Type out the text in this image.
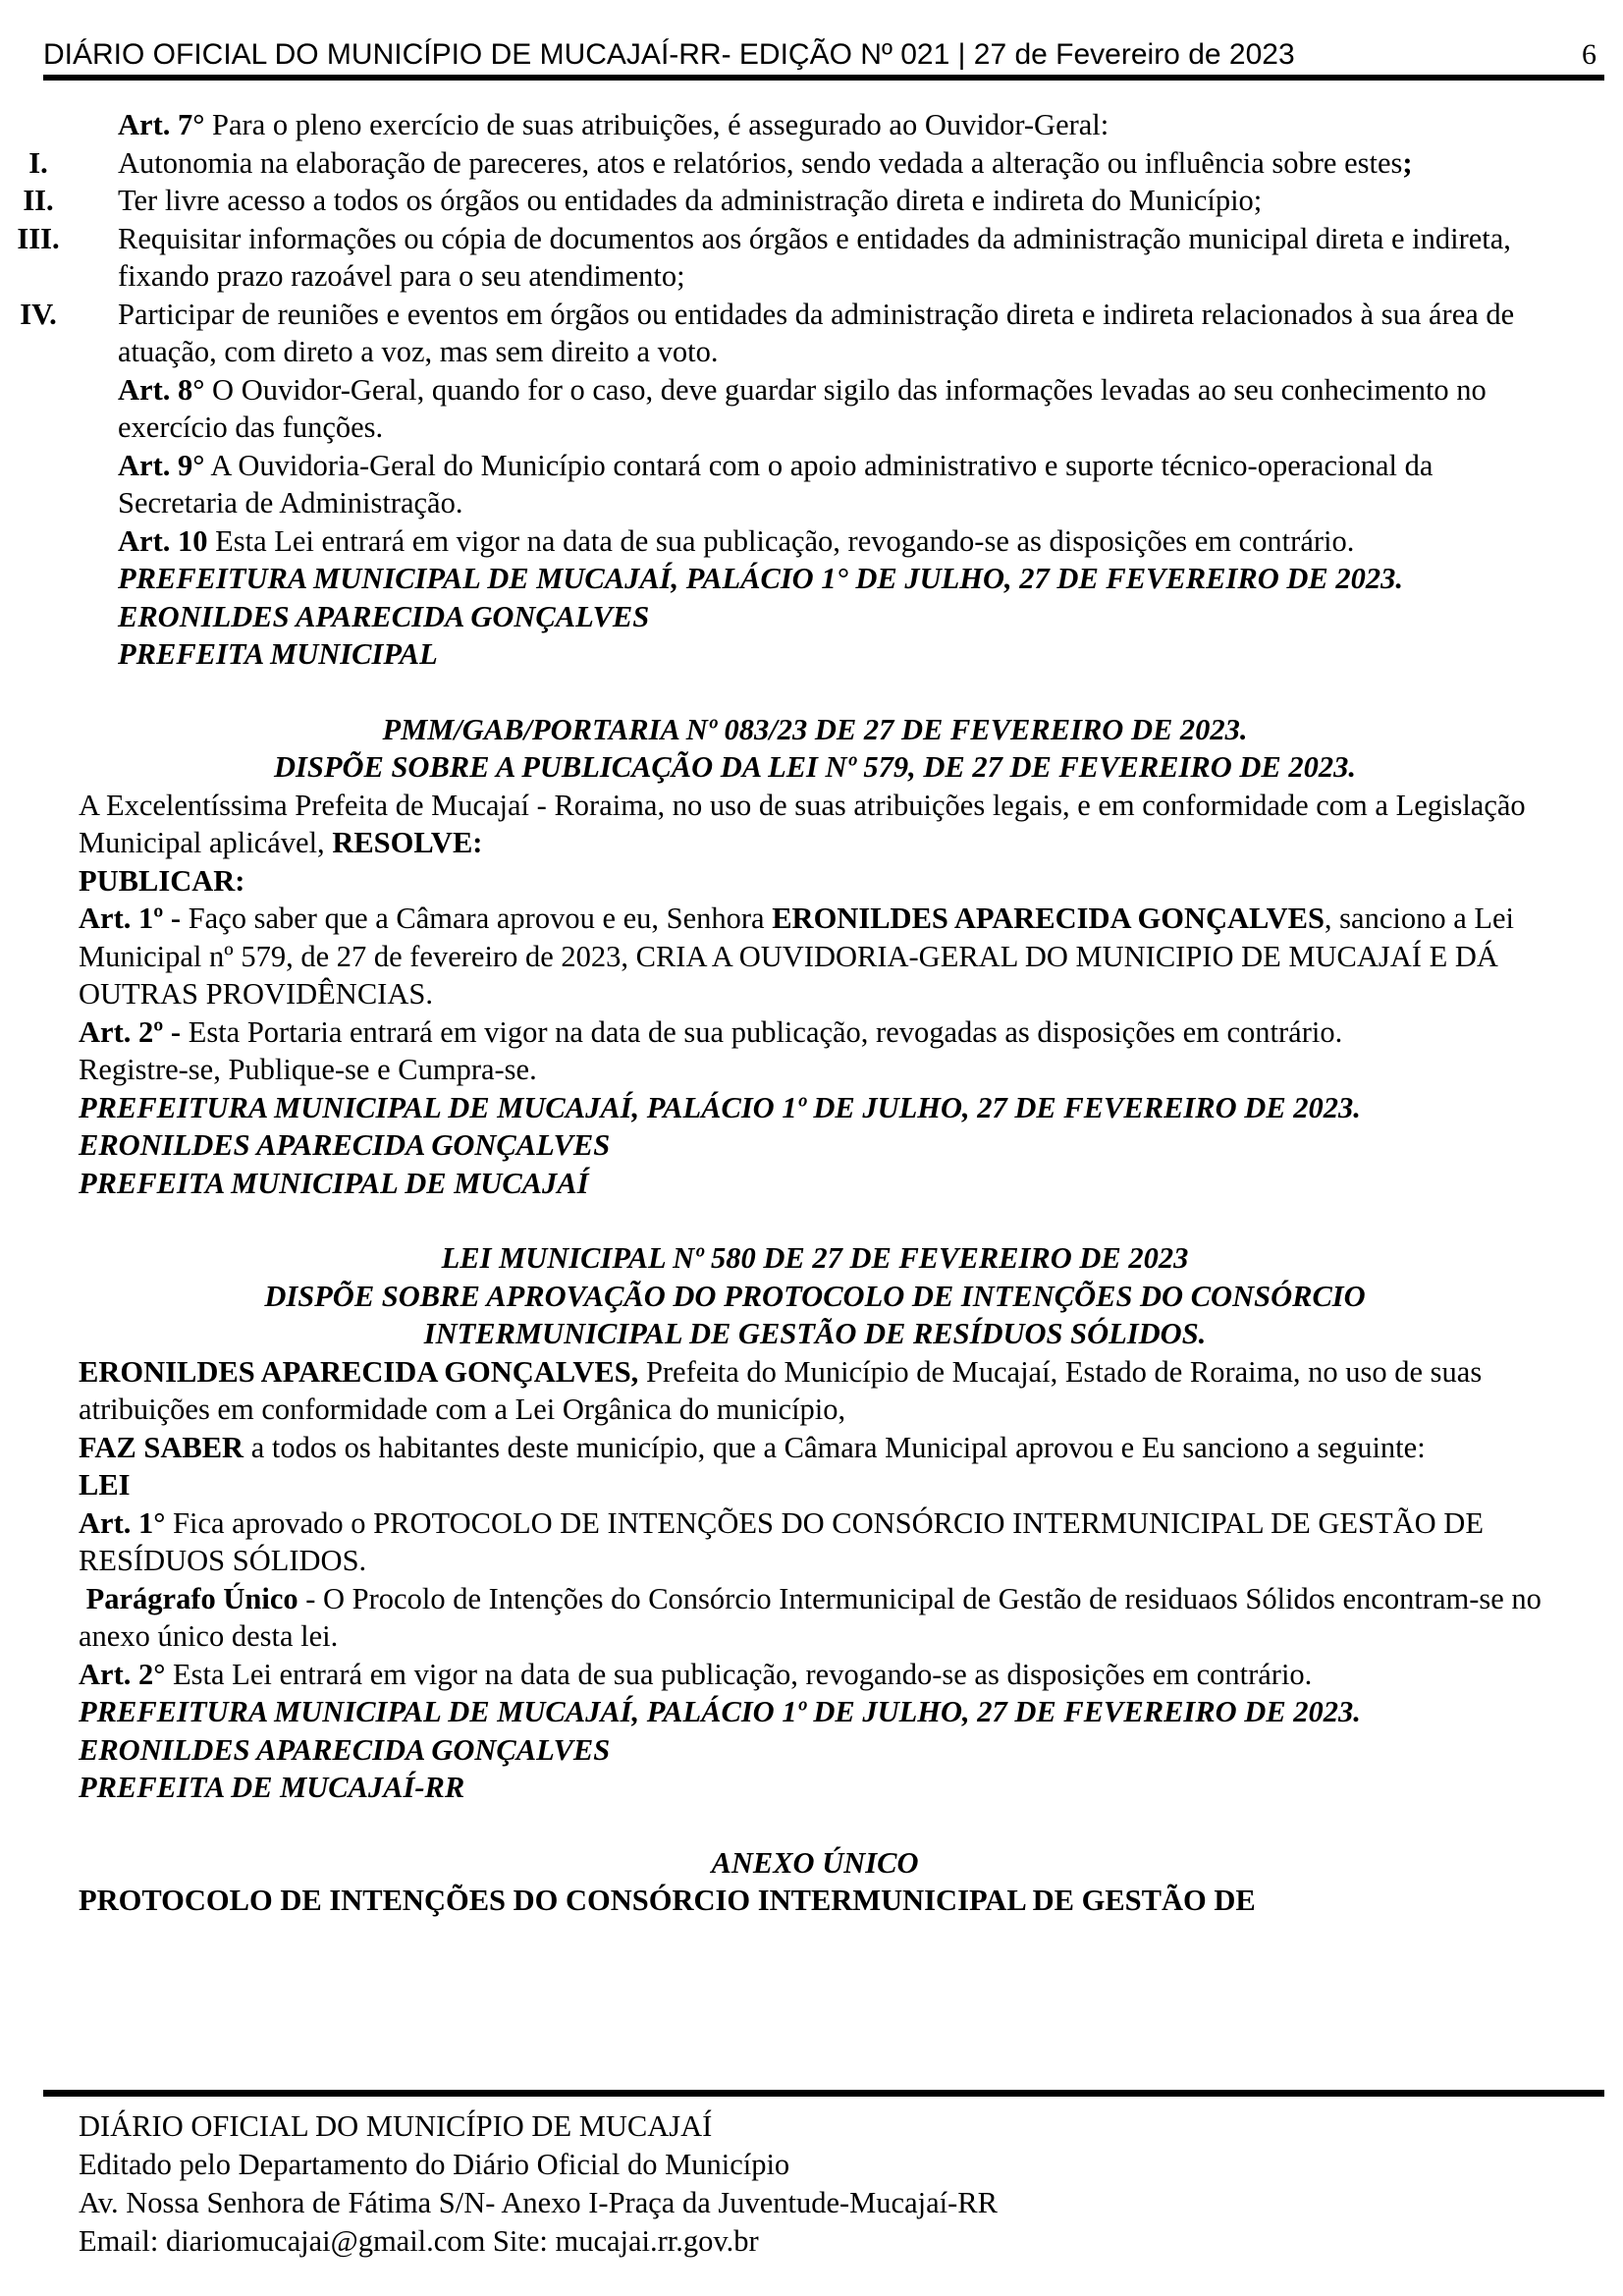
DIÁRIO OFICIAL DO MUNICÍPIO DE MUCAJAÍ-RR- EDIÇÃO Nº 021 | 27 de Fevereiro de 2023	6

Art. 7° Para o pleno exercício de suas atribuições, é assegurado ao Ouvidor-Geral:

I.	Autonomia na elaboração de pareceres, atos e relatórios, sendo vedada a alteração ou influência sobre estes;

II.	Ter livre acesso a todos os órgãos ou entidades da administração direta e indireta do Município;

III.	Requisitar informações ou cópia de documentos aos órgãos e entidades da administração municipal direta e indireta, fixando prazo razoável para o seu atendimento;

IV.	Participar de reuniões e eventos em órgãos ou entidades da administração direta e indireta relacionados à sua área de atuação, com direto a voz, mas sem direito a voto.

Art. 8° O Ouvidor-Geral, quando for o caso, deve guardar sigilo das informações levadas ao seu conhecimento no exercício das funções.

Art. 9° A Ouvidoria-Geral do Município contará com o apoio administrativo e suporte técnico-operacional da Secretaria de Administração.

Art. 10 Esta Lei entrará em vigor na data de sua publicação, revogando-se as disposições em contrário.

PREFEITURA MUNICIPAL DE MUCAJAÍ, PALÁCIO 1° DE JULHO, 27 DE FEVEREIRO DE 2023.

ERONILDES APARECIDA GONÇALVES

PREFEITA MUNICIPAL

PMM/GAB/PORTARIA Nº 083/23 DE 27 DE FEVEREIRO DE 2023.

DISPÕE SOBRE A PUBLICAÇÃO DA LEI Nº 579, DE 27 DE FEVEREIRO DE 2023.

A Excelentíssima Prefeita de Mucajaí - Roraima, no uso de suas atribuições legais, e em conformidade com a Legislação Municipal aplicável, RESOLVE:

PUBLICAR:

Art. 1º - Faço saber que a Câmara aprovou e eu, Senhora ERONILDES APARECIDA GONÇALVES, sanciono a Lei Municipal nº 579, de 27 de fevereiro de 2023, CRIA A OUVIDORIA-GERAL DO MUNICIPIO DE MUCAJAÍ E DÁ OUTRAS PROVIDÊNCIAS.

Art. 2º - Esta Portaria entrará em vigor na data de sua publicação, revogadas as disposições em contrário.

Registre-se, Publique-se e Cumpra-se.

PREFEITURA MUNICIPAL DE MUCAJAÍ, PALÁCIO 1º DE JULHO, 27 DE FEVEREIRO DE 2023.

ERONILDES APARECIDA GONÇALVES

PREFEITA MUNICIPAL DE MUCAJAÍ

LEI MUNICIPAL Nº 580 DE 27 DE FEVEREIRO DE 2023

DISPÕE SOBRE APROVAÇÃO DO PROTOCOLO DE INTENÇÕES DO CONSÓRCIO

INTERMUNICIPAL DE GESTÃO DE RESÍDUOS SÓLIDOS.

ERONILDES APARECIDA GONÇALVES, Prefeita do Município de Mucajaí, Estado de Roraima, no uso de suas atribuições em conformidade com a Lei Orgânica do município,

FAZ SABER a todos os habitantes deste município, que a Câmara Municipal aprovou e Eu sanciono a seguinte:

LEI

Art. 1° Fica aprovado o PROTOCOLO DE INTENÇÕES DO CONSÓRCIO INTERMUNICIPAL DE GESTÃO DE RESÍDUOS SÓLIDOS.

Parágrafo Único - O Procolo de Intenções do Consórcio Intermunicipal de Gestão de residuaos Sólidos encontram-se no anexo único desta lei.

Art. 2° Esta Lei entrará em vigor na data de sua publicação, revogando-se as disposições em contrário.

PREFEITURA MUNICIPAL DE MUCAJAÍ, PALÁCIO 1º DE JULHO, 27 DE FEVEREIRO DE 2023.

ERONILDES APARECIDA GONÇALVES

PREFEITA DE MUCAJAÍ-RR

ANEXO ÚNICO

PROTOCOLO DE INTENÇÕES DO CONSÓRCIO INTERMUNICIPAL DE GESTÃO DE

DIÁRIO OFICIAL DO MUNICÍPIO DE MUCAJAÍ

Editado pelo Departamento do Diário Oficial do Município

Av. Nossa Senhora de Fátima S/N- Anexo I-Praça da Juventude-Mucajaí-RR

Email: diariomucajai@gmail.com Site: mucajai.rr.gov.br
